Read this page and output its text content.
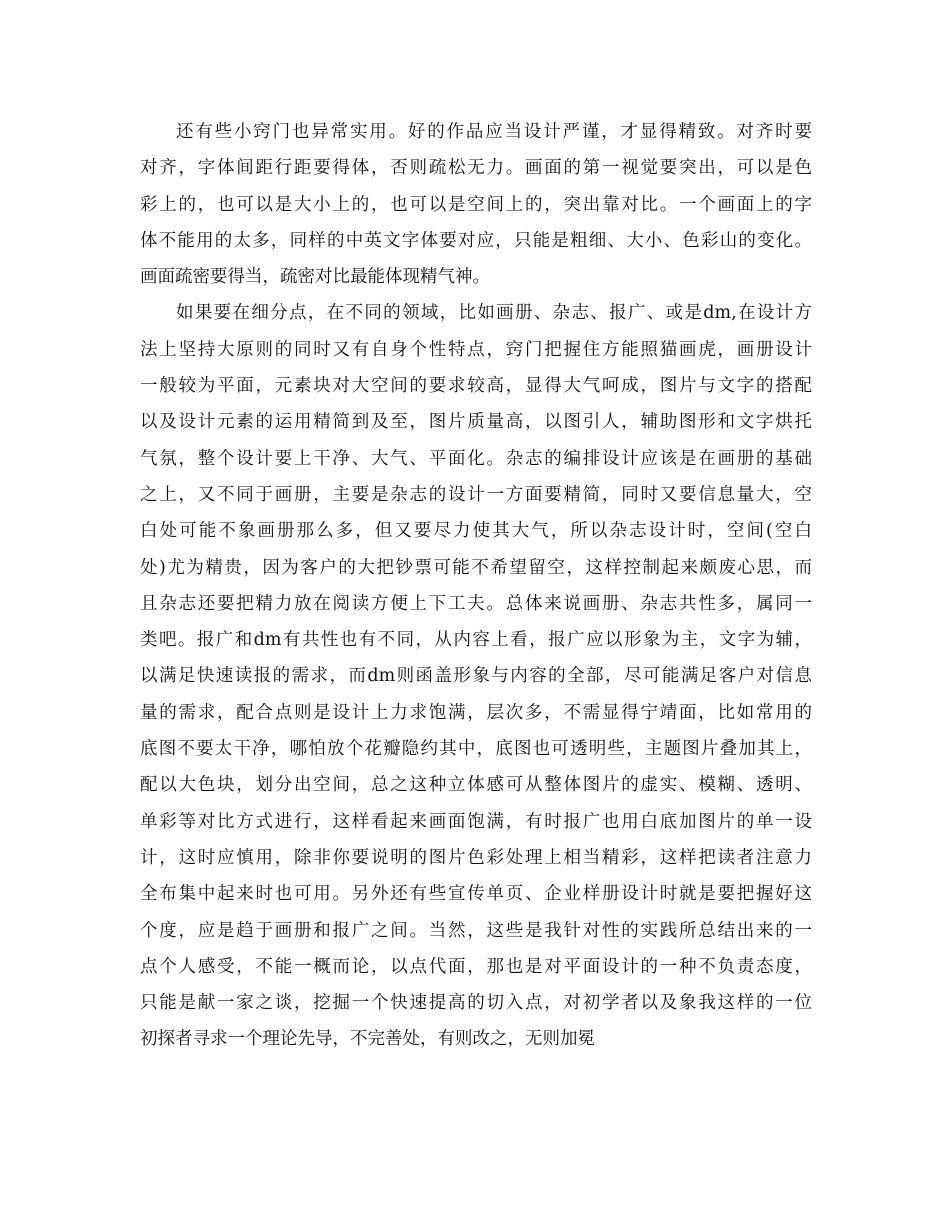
还有些小窍门也异常实用。好的作品应当设计严谨，才显得精致。对齐时要
对齐，字体间距行距要得体，否则疏松无力。画面的第一视觉要突出，可以是色
彩上的，也可以是大小上的，也可以是空间上的，突出靠对比。一个画面上的字
体不能用的太多，同样的中英文字体要对应，只能是粗细、大小、色彩山的变化。
画面疏密要得当，疏密对比最能体现精气神。
如果要在细分点，在不同的领域，比如画册、杂志、报广、或是dm,在设计方
法上坚持大原则的同时又有自身个性特点，窍门把握住方能照猫画虎，画册设计
一般较为平面，元素块对大空间的要求较高，显得大气呵成，图片与文字的搭配
以及设计元素的运用精简到及至，图片质量高，以图引人，辅助图形和文字烘托
气氛，整个设计要上干净、大气、平面化。杂志的编排设计应该是在画册的基础
之上，又不同于画册，主要是杂志的设计一方面要精简，同时又要信息量大，空
白处可能不象画册那么多，但又要尽力使其大气，所以杂志设计时，空间(空白
处)尤为精贵，因为客户的大把钞票可能不希望留空，这样控制起来颇废心思，而
且杂志还要把精力放在阅读方便上下工夫。总体来说画册、杂志共性多，属同一
类吧。报广和dm有共性也有不同，从内容上看，报广应以形象为主，文字为辅，
以满足快速读报的需求，而dm则函盖形象与内容的全部，尽可能满足客户对信息
量的需求，配合点则是设计上力求饱满，层次多，不需显得宁靖面，比如常用的
底图不要太干净，哪怕放个花瓣隐约其中，底图也可透明些，主题图片叠加其上，
配以大色块，划分出空间，总之这种立体感可从整体图片的虚实、模糊、透明、
单彩等对比方式进行，这样看起来画面饱满，有时报广也用白底加图片的单一设
计，这时应慎用，除非你要说明的图片色彩处理上相当精彩，这样把读者注意力
全布集中起来时也可用。另外还有些宣传单页、企业样册设计时就是要把握好这
个度，应是趋于画册和报广之间。当然，这些是我针对性的实践所总结出来的一
点个人感受，不能一概而论，以点代面，那也是对平面设计的一种不负责态度，
只能是献一家之谈，挖掘一个快速提高的切入点，对初学者以及象我这样的一位
初探者寻求一个理论先导，不完善处，有则改之，无则加冕
